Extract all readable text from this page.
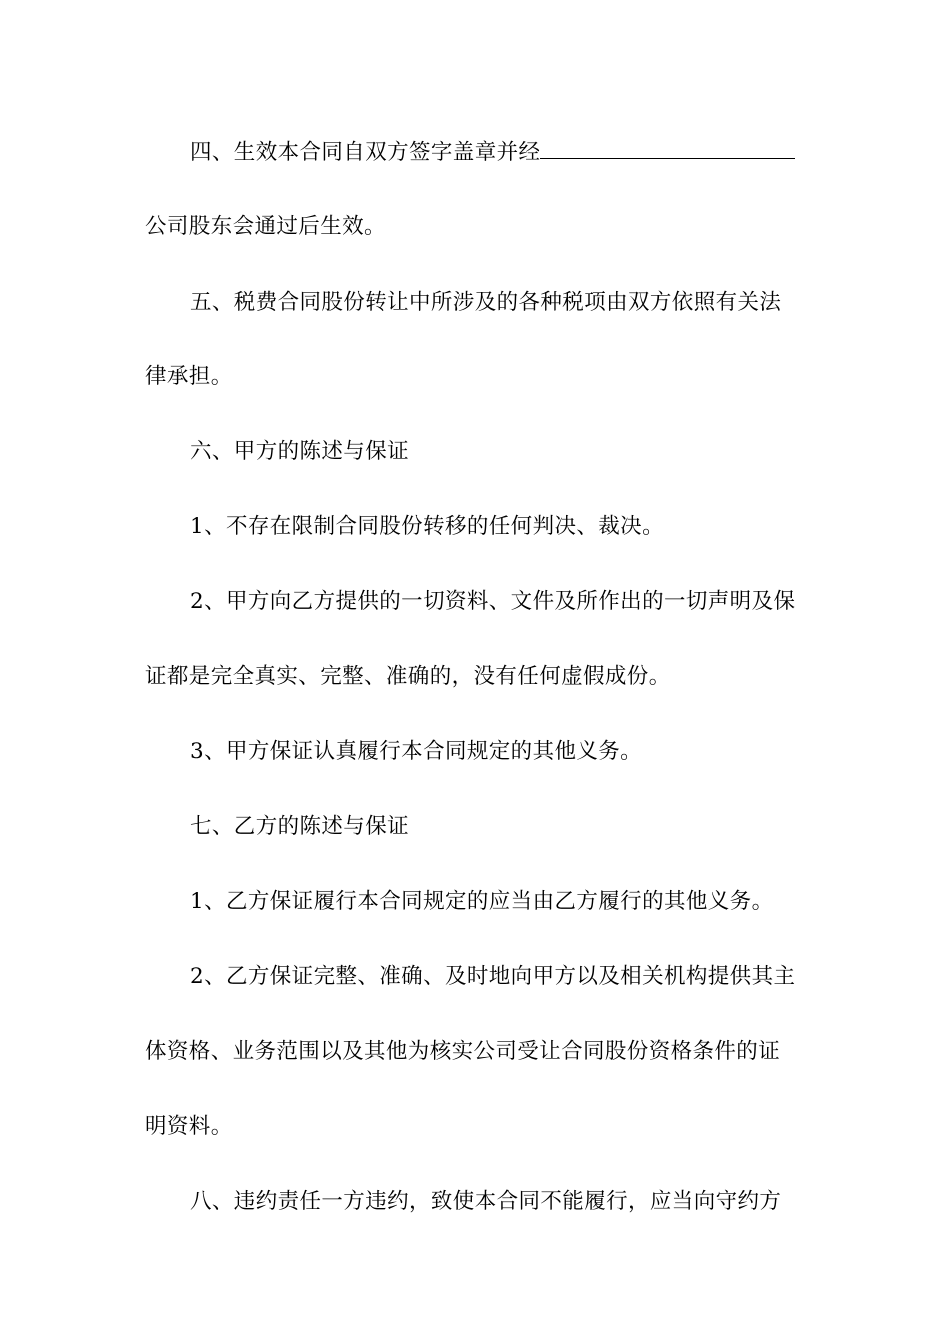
四、生效本合同自双方签字盖章并经
公司股东会通过后生效。
五、税费合同股份转让中所涉及的各种税项由双方依照有关法
律承担。
六、甲方的陈述与保证
1、不存在限制合同股份转移的任何判决、裁决。
2、甲方向乙方提供的一切资料、文件及所作出的一切声明及保
证都是完全真实、完整、准确的，没有任何虚假成份。
3、甲方保证认真履行本合同规定的其他义务。
七、乙方的陈述与保证
1、乙方保证履行本合同规定的应当由乙方履行的其他义务。
2、乙方保证完整、准确、及时地向甲方以及相关机构提供其主
体资格、业务范围以及其他为核实公司受让合同股份资格条件的证
明资料。
八、违约责任一方违约，致使本合同不能履行，应当向守约方
